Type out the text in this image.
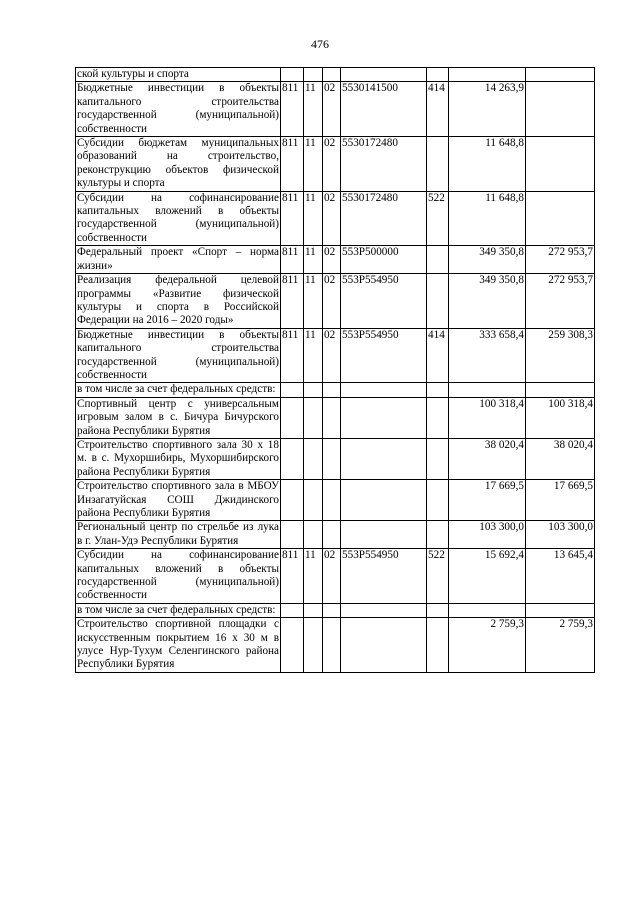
476
ской культуры и спорта							
Бюджетные инвестиции в объекты капитального строительства государственной (муниципальной) собственности	811	11	02	5530141500	414	14 263,9	
Субсидии бюджетам муниципальных образований на строительство, реконструкцию объектов физической культуры и спорта	811	11	02	5530172480		11 648,8	
Субсидии на софинансирование капитальных вложений в объекты государственной (муниципальной) собственности	811	11	02	5530172480	522	11 648,8	
Федеральный проект «Спорт – норма жизни»	811	11	02	553P500000		349 350,8	272 953,7
Реализация федеральной целевой программы «Развитие физической культуры и спорта в Российской Федерации на 2016 – 2020 годы»	811	11	02	553P554950		349 350,8	272 953,7
Бюджетные инвестиции в объекты капитального строительства государственной (муниципальной) собственности	811	11	02	553P554950	414	333 658,4	259 308,3
в том числе за счет федеральных средств:							
Спортивный центр с универсальным игровым залом в с. Бичура Бичурского района Республики Бурятия						100 318,4	100 318,4
Строительство спортивного зала 30 х 18 м. в с. Мухоршибирь, Мухоршибирского района Республики Бурятия						38 020,4	38 020,4
Строительство спортивного зала в МБОУ Инзагатуйская СОШ Джидинского района Республики Бурятия						17 669,5	17 669,5
Региональный центр по стрельбе из лука в г. Улан-Удэ Республики Бурятия						103 300,0	103 300,0
Субсидии на софинансирование капитальных вложений в объекты государственной (муниципальной) собственности	811	11	02	553P554950	522	15 692,4	13 645,4
в том числе за счет федеральных средств:							
Строительство спортивной площадки с искусственным покрытием 16 х 30 м в улусе Нур-Тухум Селенгинского района Республики Бурятия						2 759,3	2 759,3
